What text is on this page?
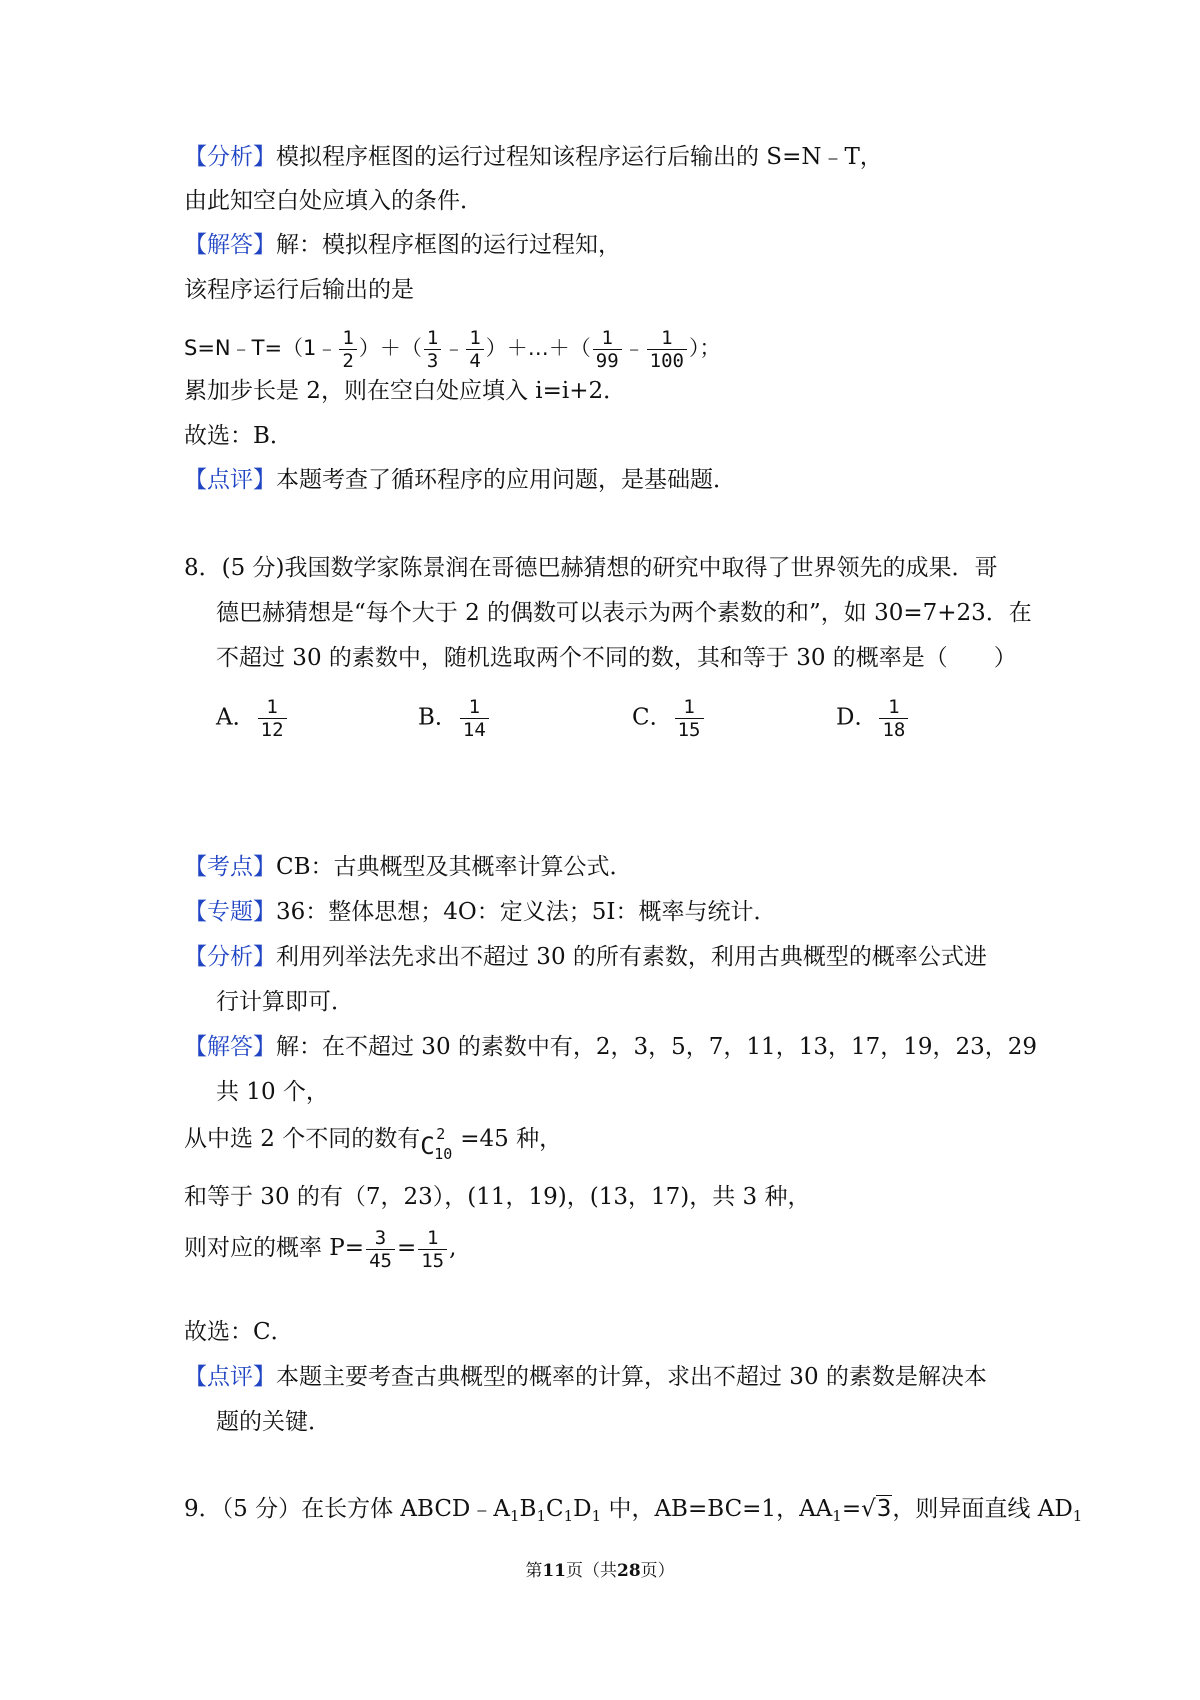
【分析】模拟程序框图的运行过程知该程序运行后输出的 S=N﹣T，
由此知空白处应填入的条件．
【解答】解：模拟程序框图的运行过程知，
该程序运行后输出的是
S=N﹣T=（1﹣ $\frac{1}{2}$ ）＋（ $\frac{1}{3}$ ﹣ $\frac{1}{4}$ ）＋…＋（ $\frac{1}{99}$ ﹣ $\frac{1}{100}$ ）；
累加步长是 2，则在空白处应填入 i=i+2．
故选：B．
【点评】本题考查了循环程序的应用问题，是基础题．
8．(5 分)我国数学家陈景润在哥德巴赫猜想的研究中取得了世界领先的成果．哥
德巴赫猜想是“每个大于 2 的偶数可以表示为两个素数的和”，如 30=7+23．在
不超过 30 的素数中，随机选取两个不同的数，其和等于 30 的概率是（　　）
A． $\frac{1}{12}$	B． $\frac{1}{14}$	C． $\frac{1}{15}$	D． $\frac{1}{18}$
【考点】CB：古典概型及其概率计算公式．
【专题】36：整体思想；4O：定义法；5I：概率与统计．
【分析】利用列举法先求出不超过 30 的所有素数，利用古典概型的概率公式进
行计算即可．
【解答】解：在不超过 30 的素数中有，2，3，5，7，11，13，17，19，23，29
共 10 个，
从中选 2 个不同的数有 C 2
10
=45 种，
和等于 30 的有（7，23），(11，19)，(13，17)，共 3 种，
则对应的概率 $P= \frac{3}{45} = \frac{1}{15}$ ,
故选：C．
【点评】本题主要考查古典概型的概率的计算，求出不超过 30 的素数是解决本
题的关键．
9．（5 分）在长方体 $ABCD﹣A_1B_1C_1D_1$ 中，AB=BC=1，$AA_1=√3$，则异面直线 $AD_1$
第11页（共28页）
